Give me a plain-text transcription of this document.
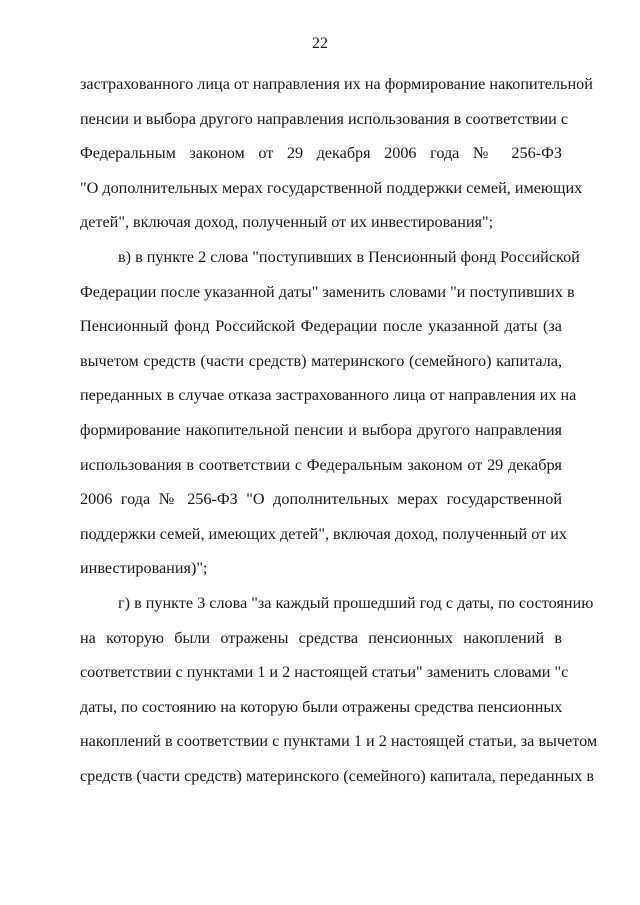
22
застрахованного лица от направления их на формирование накопительной
пенсии и выбора другого направления использования в соответствии с
Федеральным законом от 29 декабря 2006 года № 256-ФЗ
"О дополнительных мерах государственной поддержки семей, имеющих
детей", включая доход, полученный от их инвестирования";
в) в пункте 2 слова "поступивших в Пенсионный фонд Российской
Федерации после указанной даты" заменить словами "и поступивших в
Пенсионный фонд Российской Федерации после указанной даты (за
вычетом средств (части средств) материнского (семейного) капитала,
переданных в случае отказа застрахованного лица от направления их на
формирование накопительной пенсии и выбора другого направления
использования в соответствии с Федеральным законом от 29 декабря
2006 года № 256-ФЗ "О дополнительных мерах государственной
поддержки семей, имеющих детей", включая доход, полученный от их
инвестирования)";
г) в пункте 3 слова "за каждый прошедший год с даты, по состоянию
на которую были отражены средства пенсионных накоплений в
соответствии с пунктами 1 и 2 настоящей статьи" заменить словами "с
даты, по состоянию на которую были отражены средства пенсионных
накоплений в соответствии с пунктами 1 и 2 настоящей статьи, за вычетом
средств (части средств) материнского (семейного) капитала, переданных в
